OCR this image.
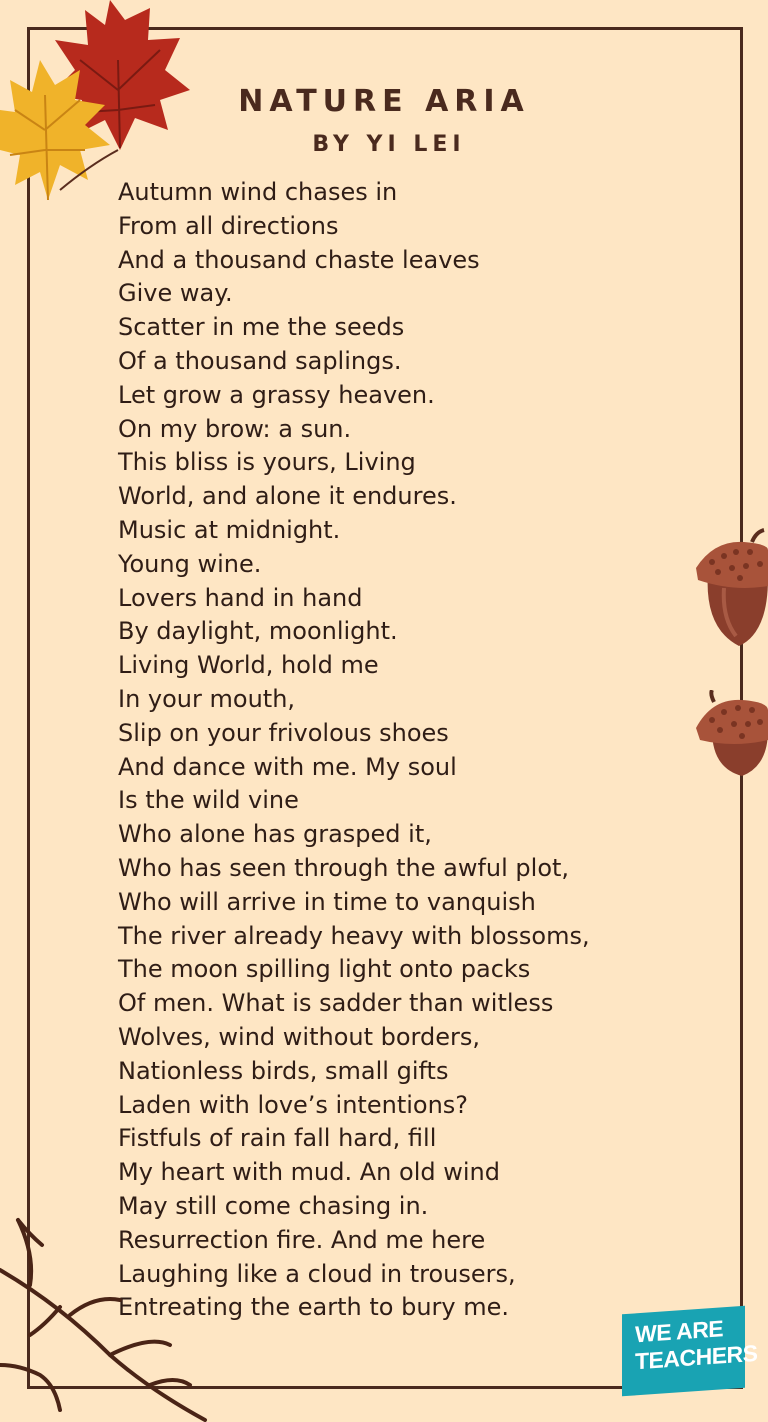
NATURE ARIA
BY YI LEI
Autumn wind chases in
From all directions
And a thousand chaste leaves
Give way.
Scatter in me the seeds
Of a thousand saplings.
Let grow a grassy heaven.
On my brow: a sun.
This bliss is yours, Living
World, and alone it endures.
Music at midnight.
Young wine.
Lovers hand in hand
By daylight, moonlight.
Living World, hold me
In your mouth,
Slip on your frivolous shoes
And dance with me. My soul
Is the wild vine
Who alone has grasped it,
Who has seen through the awful plot,
Who will arrive in time to vanquish
The river already heavy with blossoms,
The moon spilling light onto packs
Of men. What is sadder than witless
Wolves, wind without borders,
Nationless birds, small gifts
Laden with love’s intentions?
Fistfuls of rain fall hard, fill
My heart with mud. An old wind
May still come chasing in.
Resurrection fire. And me here
Laughing like a cloud in trousers,
Entreating the earth to bury me.
WE ARE
TEACHERS
